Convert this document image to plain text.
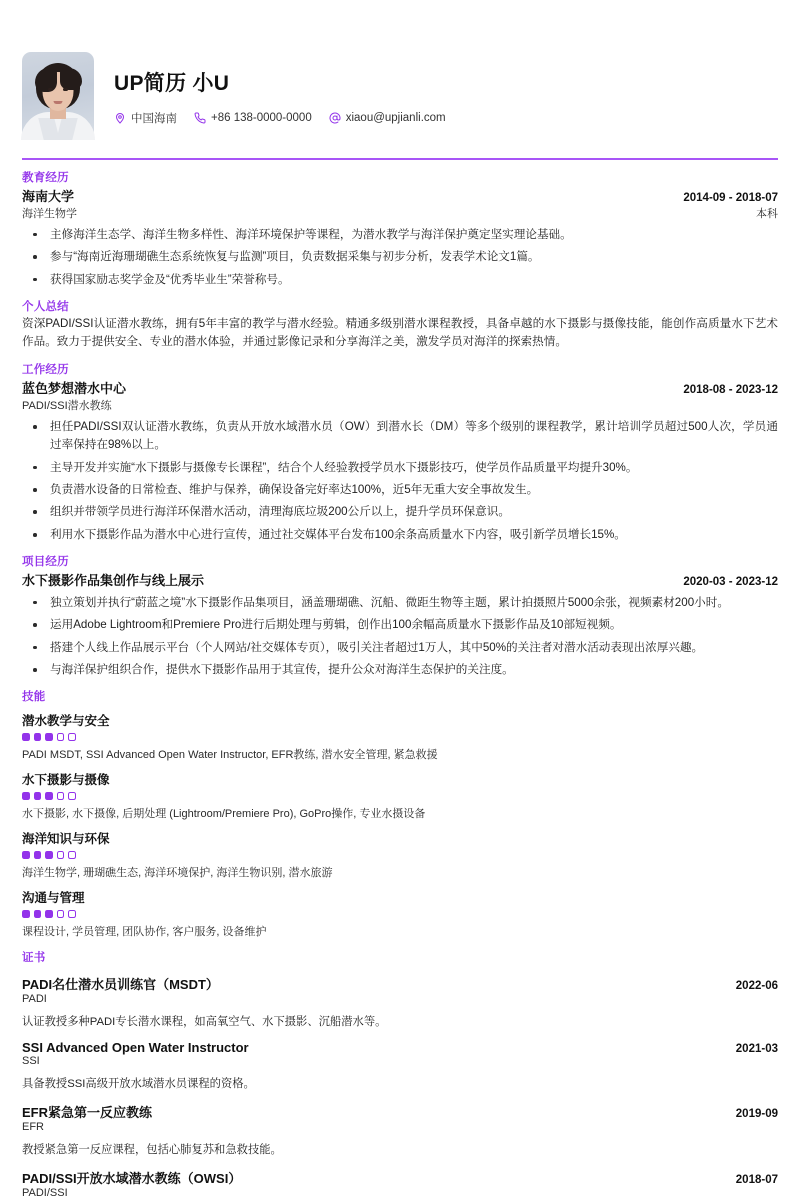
UP简历 小U
中国海南	+86 138-0000-0000	xiaou@upjianli.com
教育经历
海南大学	2014-09 - 2018-07
海洋生物学	本科
主修海洋生态学、海洋生物多样性、海洋环境保护等课程，为潜水教学与海洋保护奠定坚实理论基础。
参与“海南近海珊瑚礁生态系统恢复与监测”项目，负责数据采集与初步分析，发表学术论文1篇。
获得国家励志奖学金及“优秀毕业生”荣誉称号。
个人总结
资深PADI/SSI认证潜水教练，拥有5年丰富的教学与潜水经验。精通多级别潜水课程教授，具备卓越的水下摄影与摄像技能，能创作高质量水下艺术作品。致力于提供安全、专业的潜水体验，并通过影像记录和分享海洋之美，激发学员对海洋的探索热情。
工作经历
蓝色梦想潜水中心	2018-08 - 2023-12
PADI/SSI潜水教练
担任PADI/SSI双认证潜水教练，负责从开放水域潜水员（OW）到潜水长（DM）等多个级别的课程教学，累计培训学员超过500人次，学员通过率保持在98%以上。
主导开发并实施“水下摄影与摄像专长课程”，结合个人经验教授学员水下摄影技巧，使学员作品质量平均提升30%。
负责潜水设备的日常检查、维护与保养，确保设备完好率达100%，近5年无重大安全事故发生。
组织并带领学员进行海洋环保潜水活动，清理海底垃圾200公斤以上，提升学员环保意识。
利用水下摄影作品为潜水中心进行宣传，通过社交媒体平台发布100余条高质量水下内容，吸引新学员增长15%。
项目经历
水下摄影作品集创作与线上展示	2020-03 - 2023-12
独立策划并执行“蔚蓝之境”水下摄影作品集项目，涵盖珊瑚礁、沉船、微距生物等主题，累计拍摄照片5000余张，视频素材200小时。
运用Adobe Lightroom和Premiere Pro进行后期处理与剪辑，创作出100余幅高质量水下摄影作品及10部短视频。
搭建个人线上作品展示平台（个人网站/社交媒体专页），吸引关注者超过1万人，其中50%的关注者对潜水活动表现出浓厚兴趣。
与海洋保护组织合作，提供水下摄影作品用于其宣传，提升公众对海洋生态保护的关注度。
技能
潜水教学与安全
PADI MSDT, SSI Advanced Open Water Instructor, EFR教练, 潜水安全管理, 紧急救援
水下摄影与摄像
水下摄影, 水下摄像, 后期处理 (Lightroom/Premiere Pro), GoPro操作, 专业水摄设备
海洋知识与环保
海洋生物学, 珊瑚礁生态, 海洋环境保护, 海洋生物识别, 潜水旅游
沟通与管理
课程设计, 学员管理, 团队协作, 客户服务, 设备维护
证书
PADI名仕潜水员训练官（MSDT）	2022-06
PADI
认证教授多种PADI专长潜水课程，如高氧空气、水下摄影、沉船潜水等。
SSI Advanced Open Water Instructor	2021-03
SSI
具备教授SSI高级开放水域潜水员课程的资格。
EFR紧急第一反应教练	2019-09
EFR
教授紧急第一反应课程，包括心肺复苏和急救技能。
PADI/SSI开放水域潜水教练（OWSI）	2018-07
PADI/SSI
